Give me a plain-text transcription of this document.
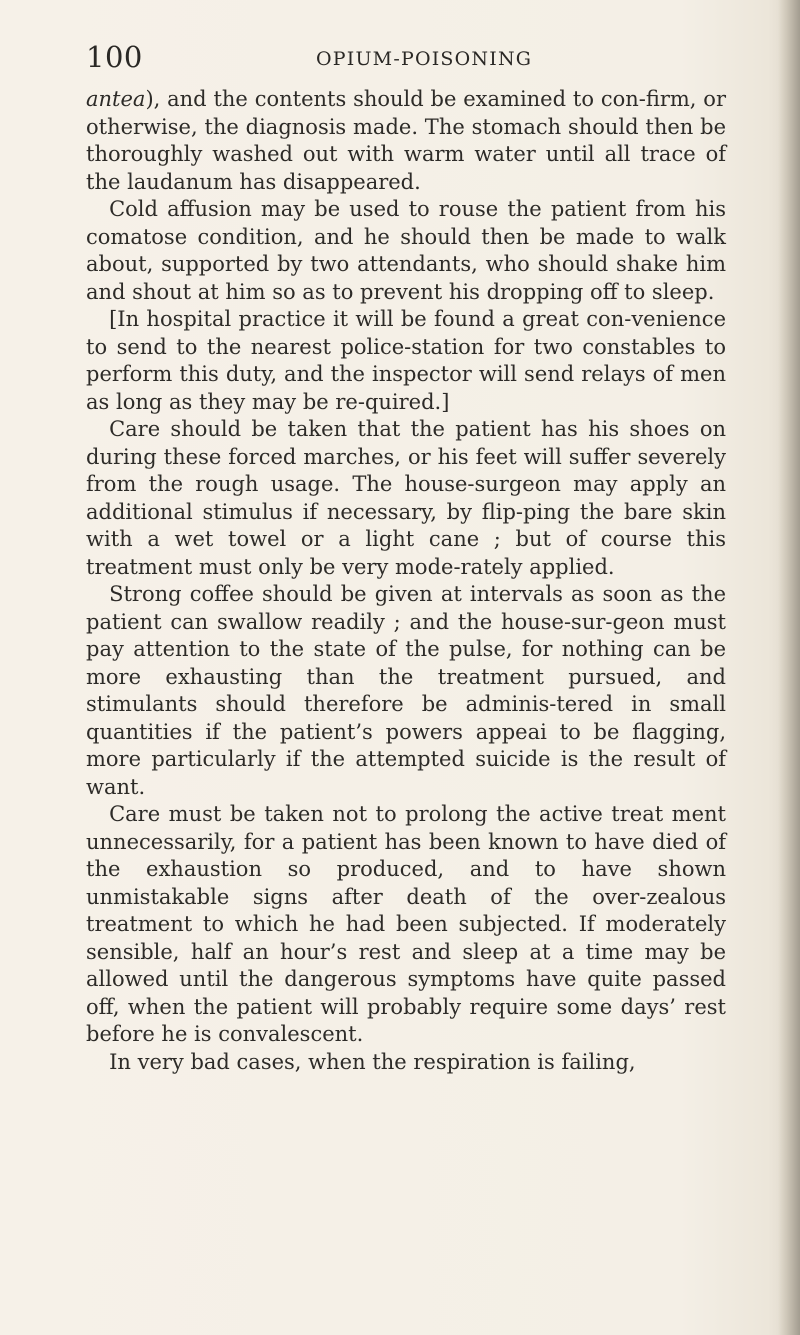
100	OPIUM-POISONING

antea), and the contents should be examined to con-firm, or otherwise, the diagnosis made. The stomach should then be thoroughly washed out with warm water until all trace of the laudanum has disappeared.

Cold affusion may be used to rouse the patient from his comatose condition, and he should then be made to walk about, supported by two attendants, who should shake him and shout at him so as to prevent his dropping off to sleep.

[In hospital practice it will be found a great con-venience to send to the nearest police-station for two constables to perform this duty, and the inspector will send relays of men as long as they may be re-quired.]

Care should be taken that the patient has his shoes on during these forced marches, or his feet will suffer severely from the rough usage. The house-surgeon may apply an additional stimulus if necessary, by flip-ping the bare skin with a wet towel or a light cane ; but of course this treatment must only be very mode-rately applied.

Strong coffee should be given at intervals as soon as the patient can swallow readily ; and the house-sur-geon must pay attention to the state of the pulse, for nothing can be more exhausting than the treatment pursued, and stimulants should therefore be adminis-tered in small quantities if the patient’s powers appeai to be flagging, more particularly if the attempted suicide is the result of want.

Care must be taken not to prolong the active treat ment unnecessarily, for a patient has been known to have died of the exhaustion so produced, and to have shown unmistakable signs after death of the over-zealous treatment to which he had been subjected. If moderately sensible, half an hour’s rest and sleep at a time may be allowed until the dangerous symptoms have quite passed off, when the patient will probably require some days’ rest before he is convalescent.

In very bad cases, when the respiration is failing,
